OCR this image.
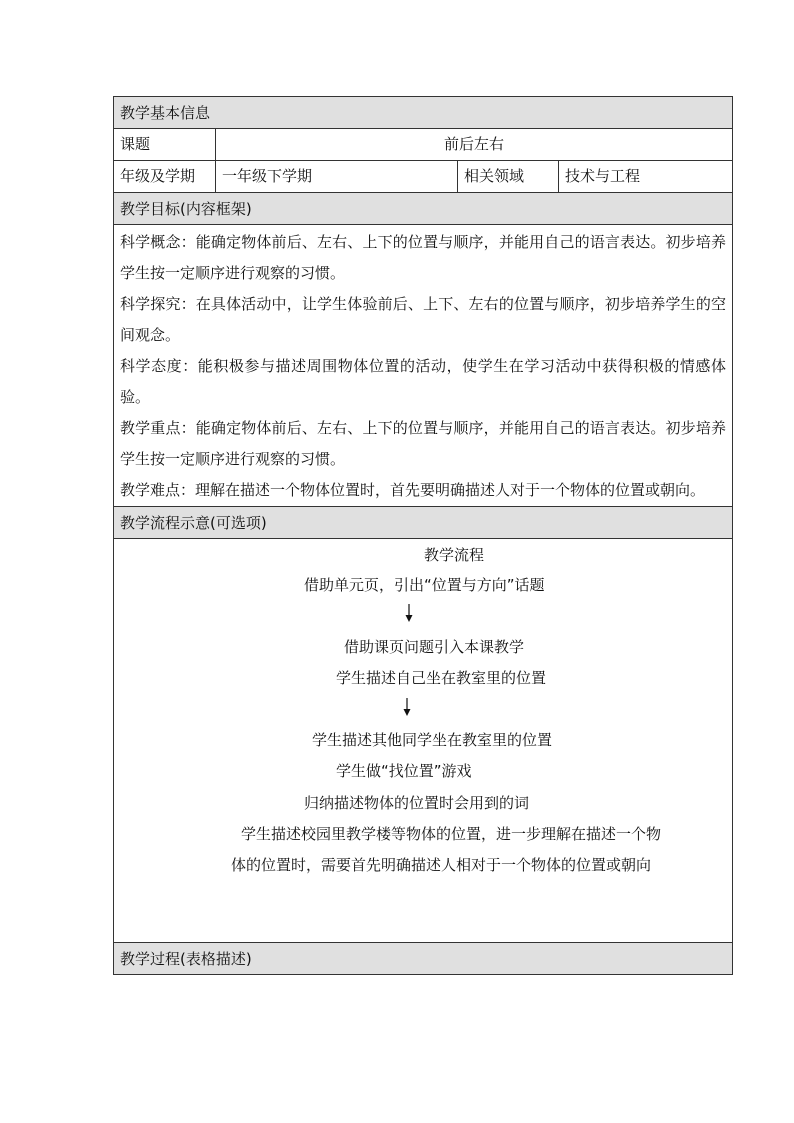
教学基本信息
课题	前后左右
年级及学期	一年级下学期	相关领域	技术与工程
教学目标(内容框架)

科学概念：能确定物体前后、左右、上下的位置与顺序，并能用自己的语言表达。初步培养学生按一定顺序进行观察的习惯。

科学探究：在具体活动中，让学生体验前后、上下、左右的位置与顺序，初步培养学生的空间观念。

科学态度：能积极参与描述周围物体位置的活动，使学生在学习活动中获得积极的情感体验。

教学重点：能确定物体前后、左右、上下的位置与顺序，并能用自己的语言表达。初步培养学生按一定顺序进行观察的习惯。

教学难点：理解在描述一个物体位置时，首先要明确描述人对于一个物体的位置或朝向。

教学流程示意(可选项)
教学流程
借助单元页，引出“位置与方向”话题
借助课页问题引入本课教学
学生描述自己坐在教室里的位置
学生描述其他同学坐在教室里的位置
学生做“找位置”游戏
归纳描述物体的位置时会用到的词
学生描述校园里教学楼等物体的位置，进一步理解在描述一个物体的位置时，需要首先明确描述人相对于一个物体的位置或朝向
教学过程(表格描述)
